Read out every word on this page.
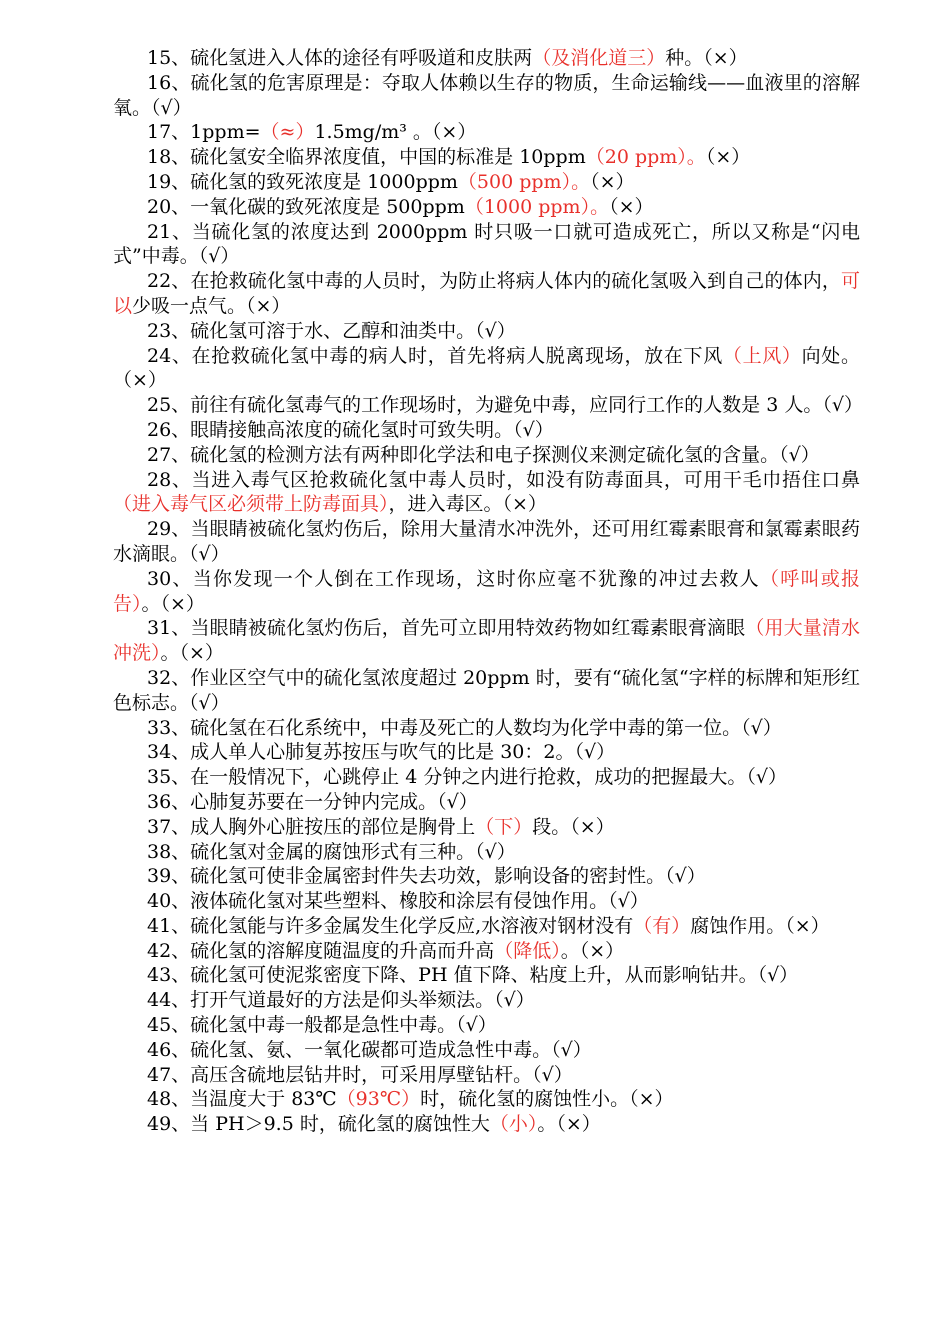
15、硫化氢进入人体的途径有呼吸道和皮肤两（及消化道三）种。（×）

16、硫化氢的危害原理是：夺取人体赖以生存的物质，生命运输线——血液里的溶解氧。（√）

17、1ppm=（≈）1.5mg/m³ 。（×）

18、硫化氢安全临界浓度值，中国的标准是 10ppm（20 ppm）。（×）

19、硫化氢的致死浓度是 1000ppm（500 ppm）。（×）

20、一氧化碳的致死浓度是 500ppm（1000 ppm）。（×）

21、当硫化氢的浓度达到 2000ppm 时只吸一口就可造成死亡，所以又称是“闪电式”中毒。（√）

22、在抢救硫化氢中毒的人员时，为防止将病人体内的硫化氢吸入到自己的体内，可以少吸一点气。（×）

23、硫化氢可溶于水、乙醇和油类中。（√）

24、在抢救硫化氢中毒的病人时，首先将病人脱离现场，放在下风（上风）向处。（×）

25、前往有硫化氢毒气的工作现场时，为避免中毒，应同行工作的人数是 3 人。（√）

26、眼睛接触高浓度的硫化氢时可致失明。（√）

27、硫化氢的检测方法有两种即化学法和电子探测仪来测定硫化氢的含量。（√）

28、当进入毒气区抢救硫化氢中毒人员时，如没有防毒面具，可用干毛巾捂住口鼻（进入毒气区必须带上防毒面具），进入毒区。（×）

29、当眼睛被硫化氢灼伤后，除用大量清水冲洗外，还可用红霉素眼膏和氯霉素眼药水滴眼。（√）

30、当你发现一个人倒在工作现场，这时你应毫不犹豫的冲过去救人（呼叫或报告）。（×）

31、当眼睛被硫化氢灼伤后，首先可立即用特效药物如红霉素眼膏滴眼（用大量清水冲洗）。（×）

32、作业区空气中的硫化氢浓度超过 20ppm 时，要有“硫化氢“字样的标牌和矩形红色标志。（√）

33、硫化氢在石化系统中，中毒及死亡的人数均为化学中毒的第一位。（√）

34、成人单人心肺复苏按压与吹气的比是 30：2。（√）

35、在一般情况下，心跳停止 4 分钟之内进行抢救，成功的把握最大。（√）

36、心肺复苏要在一分钟内完成。（√）

37、成人胸外心脏按压的部位是胸骨上（下）段。（×）

38、硫化氢对金属的腐蚀形式有三种。（√）

39、硫化氢可使非金属密封件失去功效，影响设备的密封性。（√）

40、液体硫化氢对某些塑料、橡胶和涂层有侵蚀作用。（√）

41、硫化氢能与许多金属发生化学反应,水溶液对钢材没有（有）腐蚀作用。（×）

42、硫化氢的溶解度随温度的升高而升高（降低）。（×）

43、硫化氢可使泥浆密度下降、PH 值下降、粘度上升，从而影响钻井。（√）

44、打开气道最好的方法是仰头举颏法。（√）

45、硫化氢中毒一般都是急性中毒。（√）

46、硫化氢、氨、一氧化碳都可造成急性中毒。（√）

47、高压含硫地层钻井时，可采用厚壁钻杆。（√）

48、当温度大于 83℃（93℃）时，硫化氢的腐蚀性小。（×）

49、当 PH＞9.5 时，硫化氢的腐蚀性大（小）。（×）
